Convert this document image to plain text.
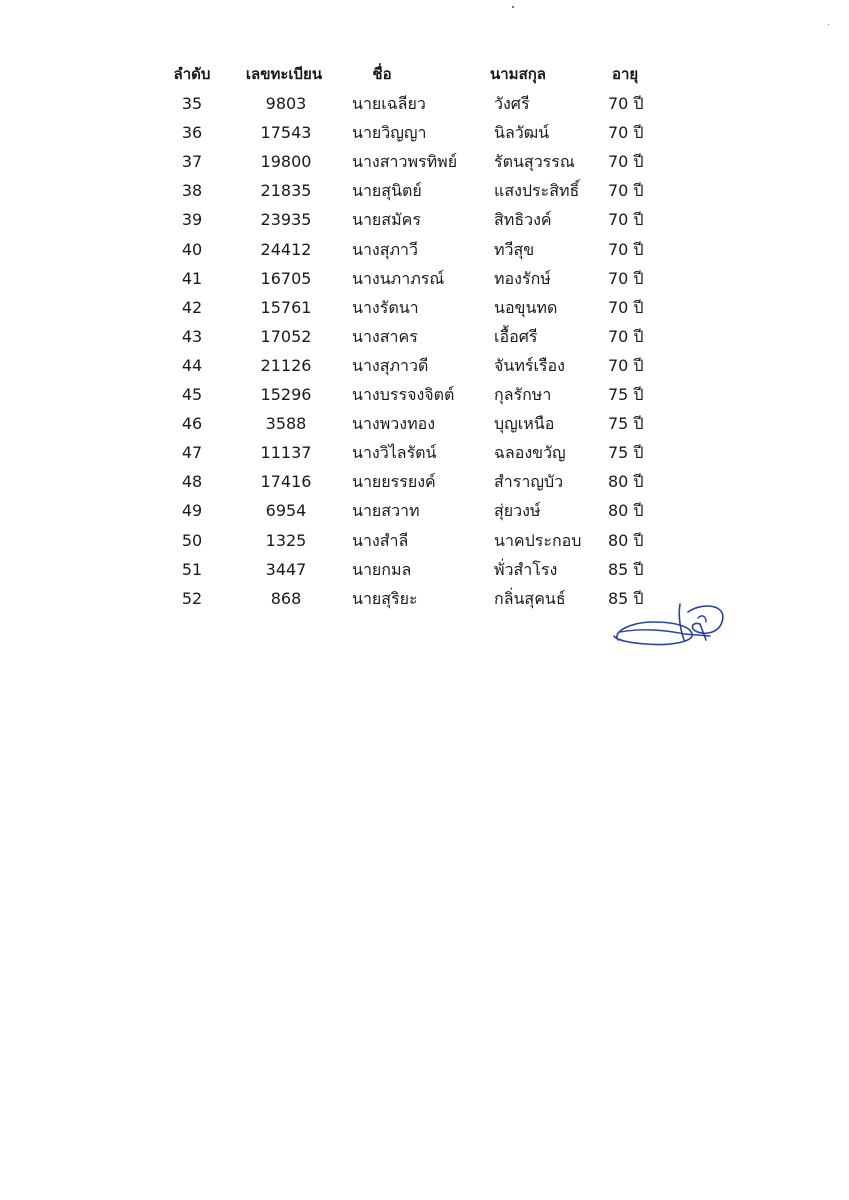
ลำดับ	เลขทะเบียน	ชื่อ	นามสกุล	อายุ
35	9803	นายเฉลียว	วังศรี	70 ปี
36	17543	นายวิญญา	นิลวัฒน์	70 ปี
37	19800	นางสาวพรทิพย์	รัตนสุวรรณ	70 ปี
38	21835	นายสุนิตย์	แสงประสิทธิ์	70 ปี
39	23935	นายสมัคร	สิทธิวงค์	70 ปี
40	24412	นางสุภาวี	ทวีสุข	70 ปี
41	16705	นางนภาภรณ์	ทองรักษ์	70 ปี
42	15761	นางรัตนา	นอขุนทด	70 ปี
43	17052	นางสาคร	เอื้อศรี	70 ปี
44	21126	นางสุภาวดี	จันทร์เรือง	70 ปี
45	15296	นางบรรจงจิตต์	กุลรักษา	75 ปี
46	3588	นางพวงทอง	บุญเหนือ	75 ปี
47	11137	นางวิไลรัตน์	ฉลองขวัญ	75 ปี
48	17416	นายยรรยงค์	สำราญบัว	80 ปี
49	6954	นายสวาท	สุ่ยวงษ์	80 ปี
50	1325	นางสำลี	นาคประกอบ	80 ปี
51	3447	นายกมล	พั่วสำโรง	85 ปี
52	868	นายสุริยะ	กลิ่นสุคนธ์	85 ปี
